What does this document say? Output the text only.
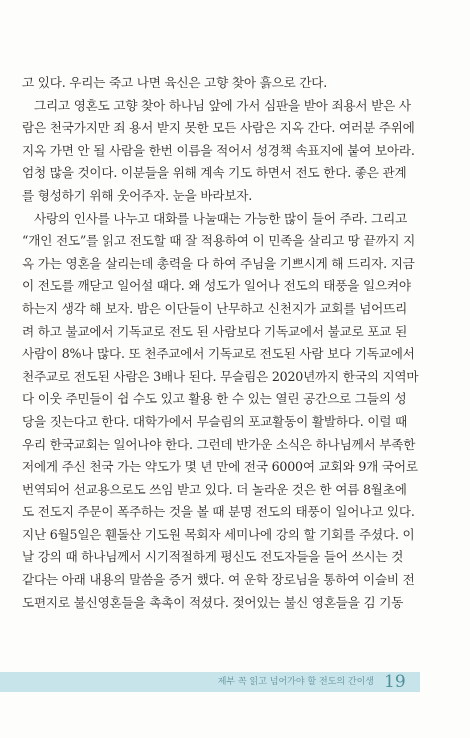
고 있다. 우리는 죽고 나면 육신은 고향 찾아 흙으로 간다.
그리고 영혼도 고향 찾아 하나님 앞에 가서 심판을 받아 죄용서 받은 사
람은 천국가지만 죄 용서 받지 못한 모든 사람은 지옥 간다. 여러분 주위에
지옥 가면 안 될 사람을 한번 이름을 적어서 성경책 속표지에 붙여 보아라.
엄청 많을 것이다. 이분들을 위해 계속 기도 하면서 전도 한다. 좋은 관계
를 형성하기 위해 웃어주자. 눈을 바라보자.
사랑의 인사를 나누고 대화를 나눌때는 가능한 많이 들어 주라. 그리고
“개인 전도”를 읽고 전도할 때 잘 적용하여 이 민족을 살리고 땅 끝까지 지
옥 가는 영혼을 살리는데 총력을 다 하여 주님을 기쁘시게 해 드리자. 지금
이 전도를 깨닫고 일어설 때다. 왜 성도가 일어나 전도의 태풍을 일으켜야
하는지 생각 해 보자. 밤은 이단들이 난무하고 신천지가 교회를 넘어뜨리
려 하고 불교에서 기독교로 전도 된 사람보다 기독교에서 불교로 포교 된
사람이 8%나 많다. 또 천주교에서 기독교로 전도된 사람 보다 기독교에서
천주교로 전도된 사람은 3배나 된다. 무슬림은 2020년까지 한국의 지역마
다 이웃 주민들이 쉽 수도 있고 활용 한 수 있는 열린 공간으로 그들의 성
당을 짓는다고 한다. 대학가에서 무슬림의 포교활동이 활발하다. 이럴 때
우리 한국교회는 일어나야 한다. 그런데 반가운 소식은 하나님께서 부족한
저에게 주신 천국 가는 약도가 몇 년 만에 전국 6000여 교회와 9개 국어로
번역되어 선교용으로도 쓰임 받고 있다. 더 놀라운 것은 한 여름 8월초에
도 전도지 주문이 폭주하는 것을 볼 때 분명 전도의 태풍이 일어나고 있다.
지난 6월5일은 휀돌산 기도원 목회자 세미나에 강의 할 기회를 주셨다. 이
날 강의 때 하나님께서 시기적절하게 평신도 전도자들을 들어 쓰시는 것
같다는 아래 내용의 말씀을 증거 했다. 여 운학 장로님을 통하여 이슬비 전
도편지로 불신영혼들을 촉촉이 적셨다. 젖어있는 불신 영혼들을 김 기동
제부 꼭 읽고 넘어가야 할 전도의 간이생 19
